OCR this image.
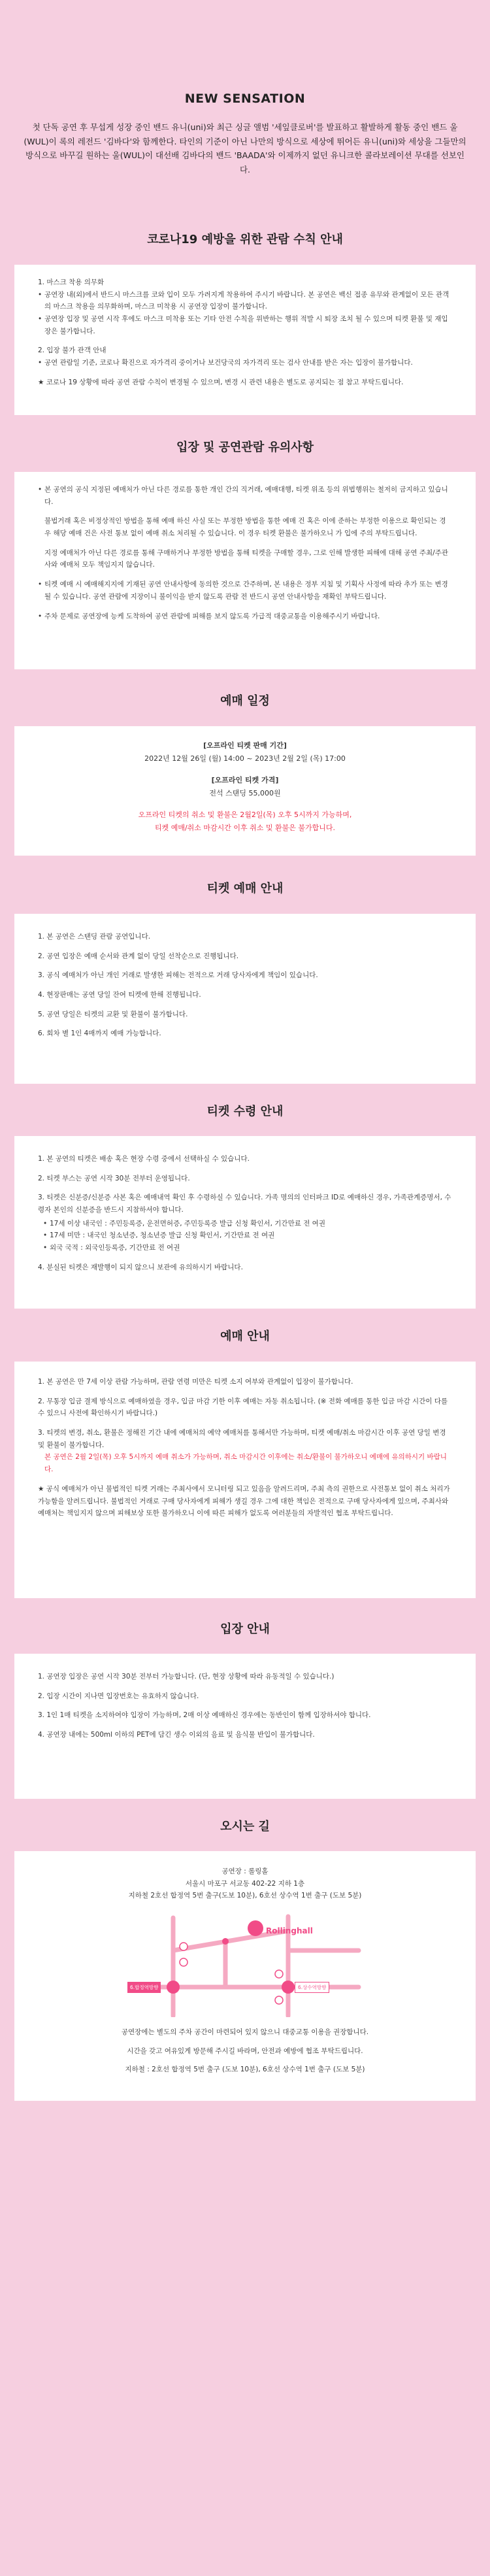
NEW SENSATION

첫 단독 공연 후 무섭게 성장 중인 밴드 유니(uni)와 최근 싱글 앨범 '세잎클로버'를 발표하고 활발하게 활동 중인 밴드 울(WUL)이 록의 레전드 '김바다'와 함께한다. 타인의 기준이 아닌 나만의 방식으로 세상에 뛰어든 유니(uni)와 세상을 그들만의 방식으로 바꾸길 원하는 울(WUL)이 대선배 김바다의 밴드 'BAADA'와 이제까지 없던 유니크한 콜라보레이션 무대를 선보인다.

코로나19 예방을 위한 관람 수칙 안내
1. 마스크 착용 의무화
• 공연장 내(외)에서 반드시 마스크를 코와 입이 모두 가려지게 착용하여 주시기 바랍니다. 본 공연은 백신 접종 유무와 관계없이 모든 관객의 마스크 착용을 의무화하며, 마스크 미착용 시 공연장 입장이 불가합니다.
• 공연장 입장 및 공연 시작 후에도 마스크 미착용 또는 기타 안전 수칙을 위반하는 행위 적발 시 퇴장 조치 될 수 있으며 티켓 환불 및 재입장은 불가합니다.
2. 입장 불가 관객 안내
• 공연 관람일 기준, 코로나 확진으로 자가격리 중이거나 보건당국의 자가격리 또는 검사 안내를 받은 자는 입장이 불가합니다.
★ 코로나 19 상황에 따라 공연 관람 수칙이 변경될 수 있으며, 변경 시 관련 내용은 별도로 공지되는 점 참고 부탁드립니다.
입장 및 공연관람 유의사항
• 본 공연의 공식 지정된 예매처가 아닌 다른 경로를 통한 개인 간의 직거래, 예매대행, 티켓 위조 등의 위법행위는 철저히 금지하고 있습니다.
불법거래 혹은 비정상적인 방법을 통해 예매 하신 사실 또는 부정한 방법을 통한 예매 건 혹은 이에 준하는 부정한 이용으로 확인되는 경우 해당 예매 건은 사전 통보 없이 예매 취소 처리될 수 있습니다. 이 경우 티켓 환불은 불가하오니 가 입에 주의 부탁드립니다.
지정 예매처가 아닌 다른 경로를 통해 구매하거나 부정한 방법을 통해 티켓을 구매할 경우, 그로 인해 발생한 피해에 대해 공연 주최/주관사와 예매처 모두 책임지지 않습니다.
• 티켓 예매 시 예매해지지에 기재된 공연 안내사항에 동의한 것으로 간주하며, 본 내용은 정부 지침 및 기획사 사정에 따라 추가 또는 변경될 수 있습니다. 공연 관람에 지장이니 불이익을 받지 않도록 관람 전 반드시 공연 안내사항을 재확인 부탁드립니다.
• 주차 문제로 공연장에 능케 도착하여 공연 관람에 피해를 보지 않도록 가급적 대중교통을 이용해주시기 바랍니다.
예매 일정
[오프라인 티켓 판매 기간]
2022년 12월 26일 (월) 14:00 ~ 2023년 2월 2일 (목) 17:00
[오프라인 티켓 가격]
전석 스탠딩 55,000원
오프라인 티켓의 취소 및 환불은 2월2일(목) 오후 5시까지 가능하며,
티켓 예매/취소 마감시간 이후 취소 및 환불은 불가합니다.
티켓 예매 안내
1. 본 공연은 스탠딩 관람 공연입니다.
2. 공연 입장은 예매 순서와 관계 없이 당일 선착순으로 진행됩니다.
3. 공식 예매처가 아닌 개인 거래로 발생한 피해는 전적으로 거래 당사자에게 책임이 있습니다.
4. 현장판매는 공연 당일 잔여 티켓에 한해 진행됩니다.
5. 공연 당일은 티켓의 교환 및 환불이 불가합니다.
6. 회차 별 1인 4매까지 예매 가능합니다.
티켓 수령 안내
1. 본 공연의 티켓은 배송 혹은 현장 수령 중에서 선택하실 수 있습니다.
2. 티켓 부스는 공연 시작 30분 전부터 운영됩니다.
3. 티켓은 신분증/신분증 사본 혹은 예매내역 확인 후 수령하실 수 있습니다. 가족 명의의 인터파크 ID로 예매하신 경우, 가족관계증명서, 수령자 본인의 신분증을 반드시 지참하셔야 합니다.
• 17세 이상 내국인 : 주민등록증, 운전면허증, 주민등록증 발급 신청 확인서, 기간만료 전 여권
• 17세 미만 : 내국인 청소년증, 청소년증 발급 신청 확인서, 기간만료 전 여권
• 외국 국적 : 외국인등록증, 기간만료 전 여권
4. 분실된 티켓은 재발행이 되지 않으니 보관에 유의하시기 바랍니다.
예매 안내
1. 본 공연은 만 7세 이상 관람 가능하며, 관람 연령 미만은 티켓 소지 여부와 관계없이 입장이 불가합니다.
2. 무통장 입금 결제 방식으로 예매하였을 경우, 입금 마감 기한 이후 예매는 자동 취소됩니다. (※ 전화 예매를 통한 입금 마감 시간이 다를 수 있으니 사전에 확인하시기 바랍니다.)
3. 티켓의 변경, 취소, 환불은 정해진 기간 내에 예매처의 예약 예매처를 통해서만 가능하며, 티켓 예매/취소 마감시간 이후 공연 당일 변경 및 환불이 불가합니다.
본 공연은 2월 2일(목) 오후 5시까지 예매 취소가 가능하며, 취소 마감시간 이후에는 취소/환불이 불가하오니 예매에 유의하시기 바랍니다.
★ 공식 예매처가 아닌 불법적인 티켓 거래는 주최사에서 모니터링 되고 있음을 알려드리며, 주최 측의 권한으로 사전통보 없이 취소 처리가 가능함을 알려드립니다. 불법적인 거래로 구매 당사자에게 피해가 생길 경우 그에 대한 책임은 전적으로 구매 당사자에게 있으며, 주최사와 예매처는 책임지지 않으며 피해보상 또한 불가하오니 이에 따른 피해가 없도록 여러분들의 자발적인 협조 부탁드립니다.
입장 안내
1. 공연장 입장은 공연 시작 30분 전부터 가능합니다. (단, 현장 상황에 따라 유동적일 수 있습니다.)
2. 입장 시간이 지나면 입장번호는 유효하지 않습니다.
3. 1인 1매 티켓을 소지하여야 입장이 가능하며, 2매 이상 예매하신 경우에는 동반인이 함께 입장하셔야 합니다.
4. 공연장 내에는 500ml 이하의 PET에 담긴 생수 이외의 음료 및 음식물 반입이 불가합니다.
오시는 길
공연장 : 롤링홀
서울시 마포구 서교동 402-22 지하 1층
지하철 2호선 합정역 5번 출구(도보 10분), 6호선 상수역 1번 출구 (도보 5분)
Rollinghall
6.합정역방향	6.상수역방향
공연장에는 별도의 주차 공간이 마련되어 있지 않으니 대중교통 이용을 권장합니다.
시간을 갖고 여유있게 방문해 주시길 바라며, 안전과 예방에 협조 부탁드립니다.
지하철 : 2호선 합정역 5번 출구 (도보 10분), 6호선 상수역 1번 출구 (도보 5분)
